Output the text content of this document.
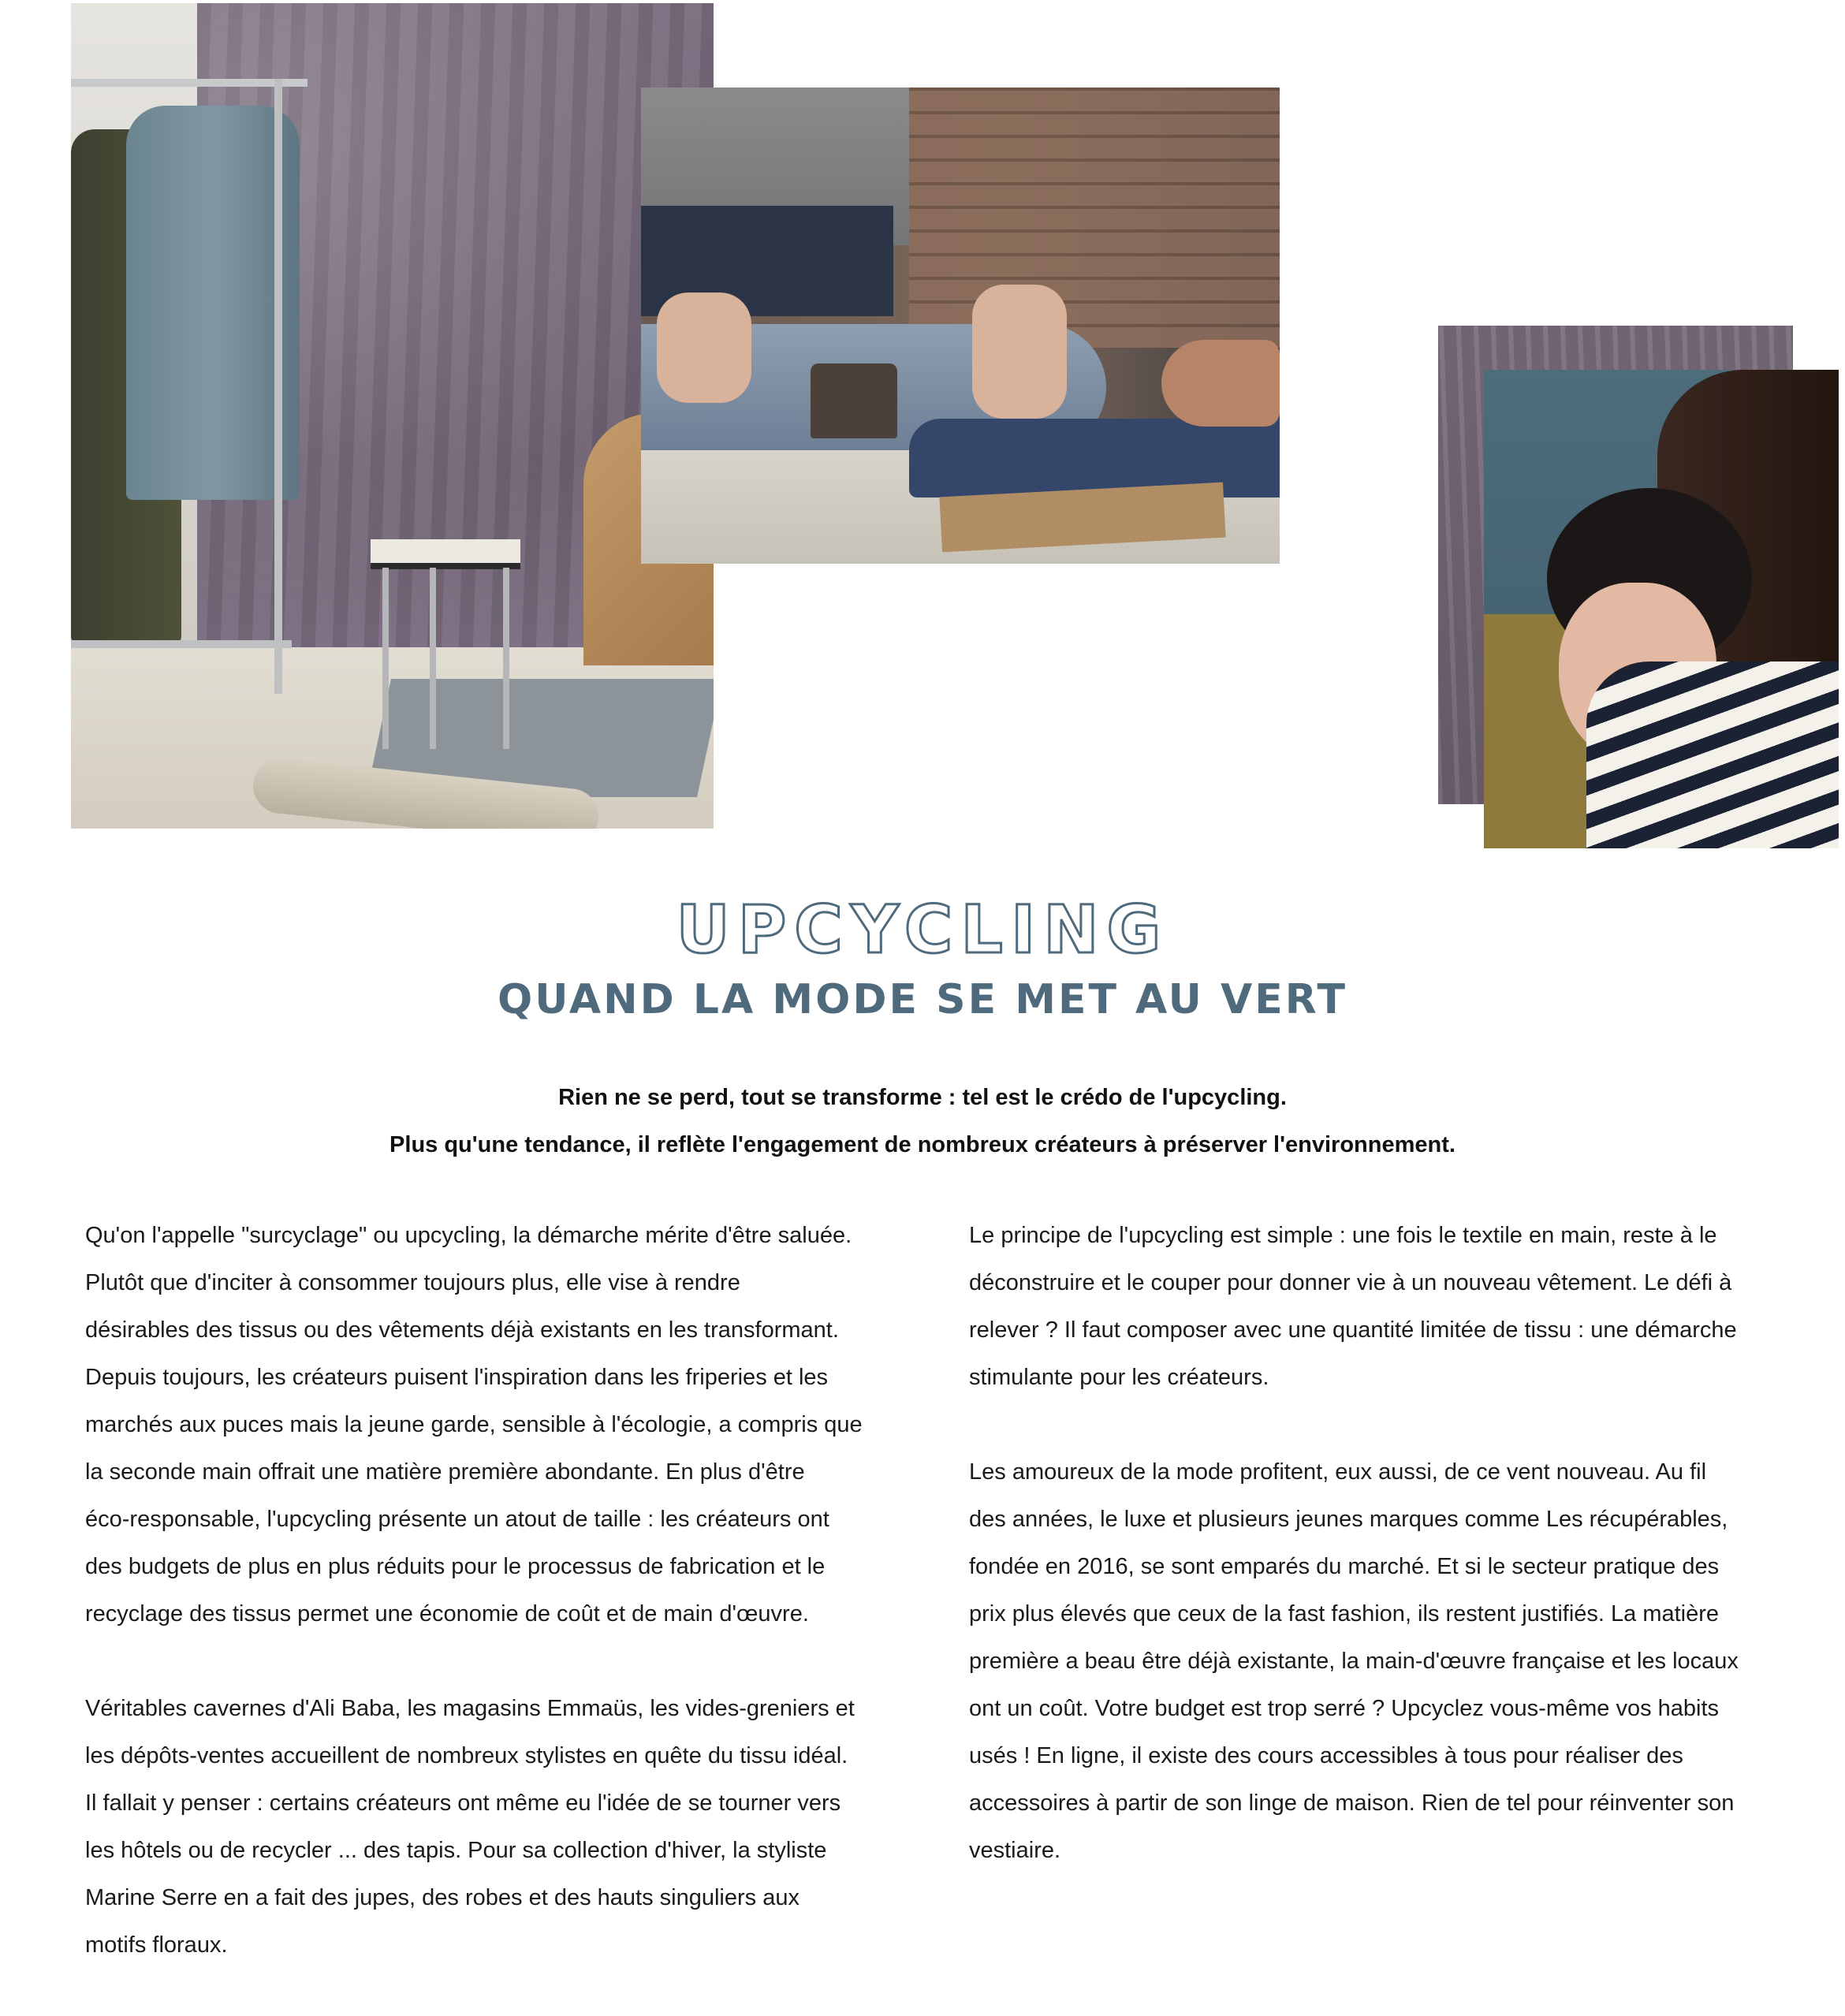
UPCYCLING
QUAND LA MODE SE MET AU VERT
Rien ne se perd, tout se transforme : tel est le crédo de l'upcycling.
Plus qu'une tendance, il reflète l'engagement de nombreux créateurs à préserver l'environnement.

Qu'on l'appelle "surcyclage" ou upcycling, la démarche mérite d'être saluée.
Plutôt que d'inciter à consommer toujours plus, elle vise à rendre
désirables des tissus ou des vêtements déjà existants en les transformant.
Depuis toujours, les créateurs puisent l'inspiration dans les friperies et les
marchés aux puces mais la jeune garde, sensible à l'écologie, a compris que
la seconde main offrait une matière première abondante. En plus d'être
éco-responsable, l'upcycling présente un atout de taille : les créateurs ont
des budgets de plus en plus réduits pour le processus de fabrication et le
recyclage des tissus permet une économie de coût et de main d'œuvre.

Véritables cavernes d'Ali Baba, les magasins Emmaüs, les vides-greniers et
les dépôts-ventes accueillent de nombreux stylistes en quête du tissu idéal.
Il fallait y penser : certains créateurs ont même eu l'idée de se tourner vers
les hôtels ou de recycler ... des tapis. Pour sa collection d'hiver, la styliste
Marine Serre en a fait des jupes, des robes et des hauts singuliers aux
motifs floraux.

Le principe de l'upcycling est simple : une fois le textile en main, reste à le
déconstruire et le couper pour donner vie à un nouveau vêtement. Le défi à
relever ? Il faut composer avec une quantité limitée de tissu : une démarche
stimulante pour les créateurs.

Les amoureux de la mode profitent, eux aussi, de ce vent nouveau. Au fil
des années, le luxe et plusieurs jeunes marques comme Les récupérables,
fondée en 2016, se sont emparés du marché. Et si le secteur pratique des
prix plus élevés que ceux de la fast fashion, ils restent justifiés. La matière
première a beau être déjà existante, la main-d'œuvre française et les locaux
ont un coût. Votre budget est trop serré ? Upcyclez vous-même vos habits
usés ! En ligne, il existe des cours accessibles à tous pour réaliser des
accessoires à partir de son linge de maison. Rien de tel pour réinventer son
vestiaire.
